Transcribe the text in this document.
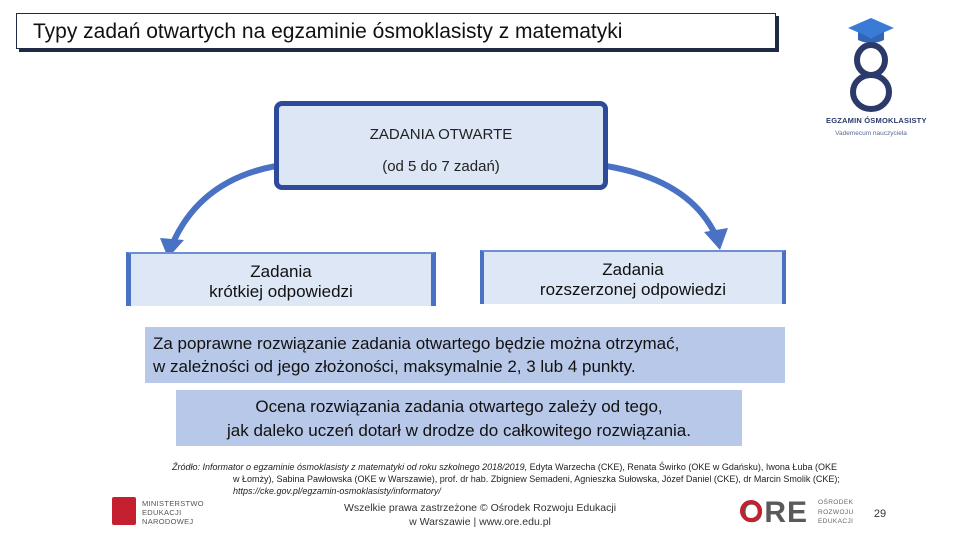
Typy zadań otwartych na egzaminie ósmoklasisty z matematyki
EGZAMIN ÓSMOKLASISTY
Vademecum nauczyciela
ZADANIA OTWARTE
(od 5 do 7 zadań)
Zadania
krótkiej odpowiedzi
Zadania
rozszerzonej odpowiedzi
Za poprawne rozwiązanie zadania otwartego będzie można otrzymać,
w zależności od jego złożoności, maksymalnie 2, 3 lub 4 punkty.
Ocena rozwiązania zadania otwartego zależy od tego,
jak daleko uczeń dotarł w drodze do całkowitego rozwiązania.
Źródło: Informator o egzaminie ósmoklasisty z matematyki od roku szkolnego 2018/2019, Edyta Warzecha (CKE), Renata Świrko (OKE w Gdańsku), Iwona Łuba (OKE
w Łomży), Sabina Pawłowska (OKE w Warszawie), prof. dr hab. Zbigniew Semadeni, Agnieszka Sułowska, Józef Daniel (CKE), dr Marcin Smolik (CKE);
https://cke.gov.pl/egzamin-osmoklasisty/informatory/
MINISTERSTWO
EDUKACJI
NARODOWEJ
Wszelkie prawa zastrzeżone © Ośrodek Rozwoju Edukacji
w Warszawie | www.ore.edu.pl	ORE OŚRODEK
ROZWOJU
EDUKACJI
29
